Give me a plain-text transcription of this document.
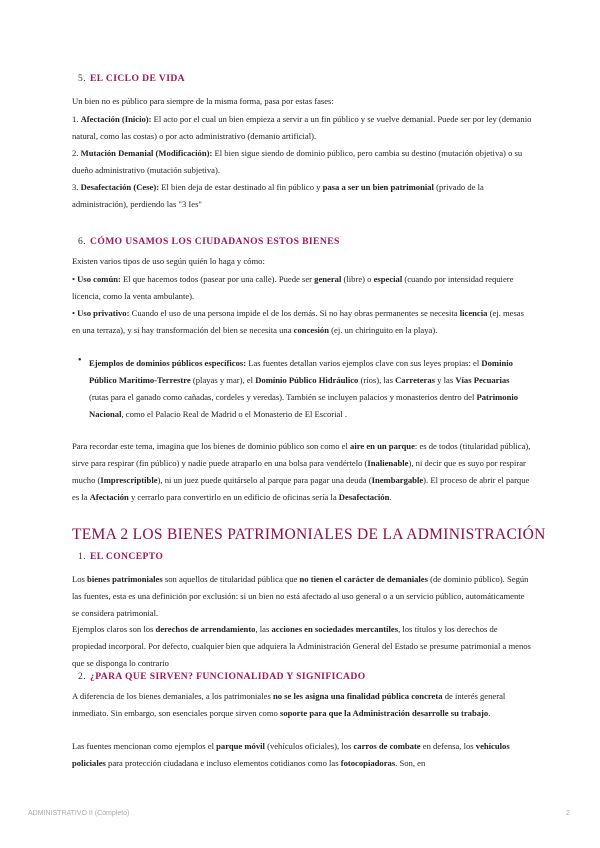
5. EL CICLO DE VIDA

Un bien no es público para siempre de la misma forma, pasa por estas fases:

1. Afectación (Inicio): El acto por el cual un bien empieza a servir a un fin público y se vuelve demanial. Puede ser por ley (demanio natural, como las costas) o por acto administrativo (demanio artificial).

2. Mutación Demanial (Modificación): El bien sigue siendo de dominio público, pero cambia su destino (mutación objetiva) o su dueño administrativo (mutación subjetiva).

3. Desafectación (Cese): El bien deja de estar destinado al fin público y pasa a ser un bien patrimonial (privado de la administración), perdiendo las "3 Ies"

6. CÓMO USAMOS LOS CIUDADANOS ESTOS BIENES

Existen varios tipos de uso según quién lo haga y cómo:

• Uso común: El que hacemos todos (pasear por una calle). Puede ser general (libre) o especial (cuando por intensidad requiere licencia, como la venta ambulante).

• Uso privativo: Cuando el uso de una persona impide el de los demás. Si no hay obras permanentes se necesita licencia (ej. mesas en una terraza), y si hay transformación del bien se necesita una concesión (ej. un chiringuito en la playa).

• Ejemplos de dominios públicos específicos: Las fuentes detallan varios ejemplos clave con sus leyes propias: el Dominio Público Marítimo-Terrestre (playas y mar), el Dominio Público Hidráulico (ríos), las Carreteras y las Vías Pecuarias (rutas para el ganado como cañadas, cordeles y veredas). También se incluyen palacios y monasterios dentro del Patrimonio Nacional, como el Palacio Real de Madrid o el Monasterio de El Escorial .

Para recordar este tema, imagina que los bienes de dominio público son como el aire en un parque: es de todos (titularidad pública), sirve para respirar (fin público) y nadie puede atraparlo en una bolsa para vendértelo (Inalienable), ni decir que es suyo por respirar mucho (Imprescriptible), ni un juez puede quitárselo al parque para pagar una deuda (Inembargable). El proceso de abrir el parque es la Afectación y cerrarlo para convertirlo en un edificio de oficinas sería la Desafectación.

TEMA 2 LOS BIENES PATRIMONIALES DE LA ADMINISTRACIÓN
1. EL CONCEPTO

Los bienes patrimoniales son aquellos de titularidad pública que no tienen el carácter de demaniales (de dominio público). Según las fuentes, esta es una definición por exclusión: si un bien no está afectado al uso general o a un servicio público, automáticamente se considera patrimonial.

Ejemplos claros son los derechos de arrendamiento, las acciones en sociedades mercantiles, los títulos y los derechos de propiedad incorporal. Por defecto, cualquier bien que adquiera la Administración General del Estado se presume patrimonial a menos que se disponga lo contrario

2. ¿PARA QUE SIRVEN? FUNCIONALIDAD Y SIGNIFICADO

A diferencia de los bienes demaniales, a los patrimoniales no se les asigna una finalidad pública concreta de interés general inmediato. Sin embargo, son esenciales porque sirven como soporte para que la Administración desarrolle su trabajo.

Las fuentes mencionan como ejemplos el parque móvil (vehículos oficiales), los carros de combate en defensa, los vehículos policiales para protección ciudadana e incluso elementos cotidianos como las fotocopiadoras. Son, en

ADMINISTRATIVO II (Completo)	2
